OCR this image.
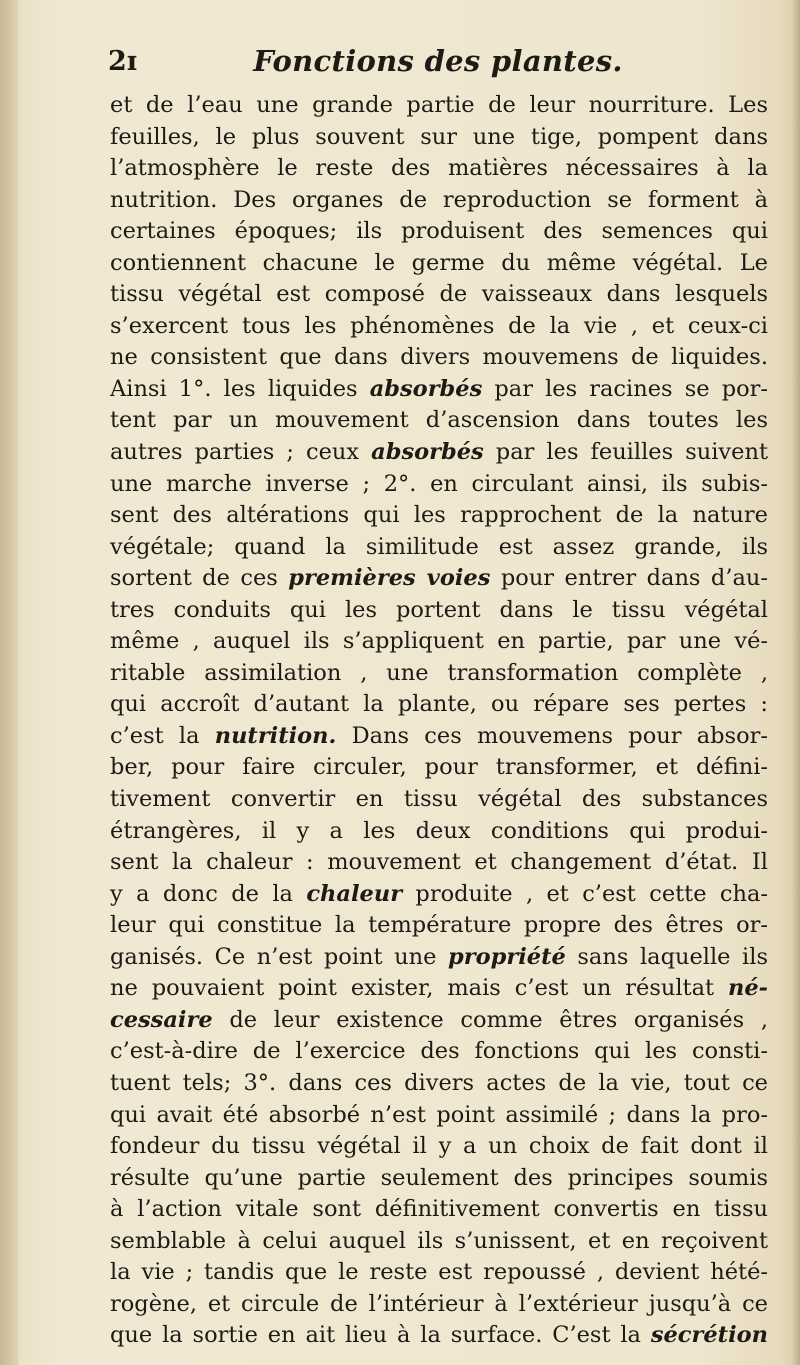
Fonctions des plantes.
2ɪ
et de l’eau une grande partie de leur nourriture. Les
feuilles, le plus souvent sur une tige, pompent dans
l’atmosphère le reste des matières nécessaires à la
nutrition. Des organes de reproduction se forment à
certaines époques; ils produisent des semences qui
contiennent chacune le germe du même végétal. Le
tissu végétal est composé de vaisseaux dans lesquels
s’exercent tous les phénomènes de la vie , et ceux-ci
ne consistent que dans divers mouvemens de liquides.
Ainsi 1°. les liquides absorbés par les racines se por-
tent par un mouvement d’ascension dans toutes les
autres parties ; ceux absorbés par les feuilles suivent
une marche inverse ; 2°. en circulant ainsi, ils subis-
sent des altérations qui les rapprochent de la nature
végétale; quand la similitude est assez grande, ils
sortent de ces premières voies pour entrer dans d’au-
tres conduits qui les portent dans le tissu végétal
même , auquel ils s’appliquent en partie, par une vé-
ritable assimilation , une transformation complète ,
qui accroît d’autant la plante, ou répare ses pertes :
c’est la nutrition. Dans ces mouvemens pour absor-
ber, pour faire circuler, pour transformer, et défini-
tivement convertir en tissu végétal des substances
étrangères, il y a les deux conditions qui produi-
sent la chaleur : mouvement et changement d’état. Il
y a donc de la chaleur produite , et c’est cette cha-
leur qui constitue la température propre des êtres or-
ganisés. Ce n’est point une propriété sans laquelle ils
ne pouvaient point exister, mais c’est un résultat né-
cessaire de leur existence comme êtres organisés ,
c’est-à-dire de l’exercice des fonctions qui les consti-
tuent tels; 3°. dans ces divers actes de la vie, tout ce
qui avait été absorbé n’est point assimilé ; dans la pro-
fondeur du tissu végétal il y a un choix de fait dont il
résulte qu’une partie seulement des principes soumis
à l’action vitale sont définitivement convertis en tissu
semblable à celui auquel ils s’unissent, et en reçoivent
la vie ; tandis que le reste est repoussé , devient hété-
rogène, et circule de l’intérieur à l’extérieur jusqu’à ce
que la sortie en ait lieu à la surface. C’est la sécrétion
